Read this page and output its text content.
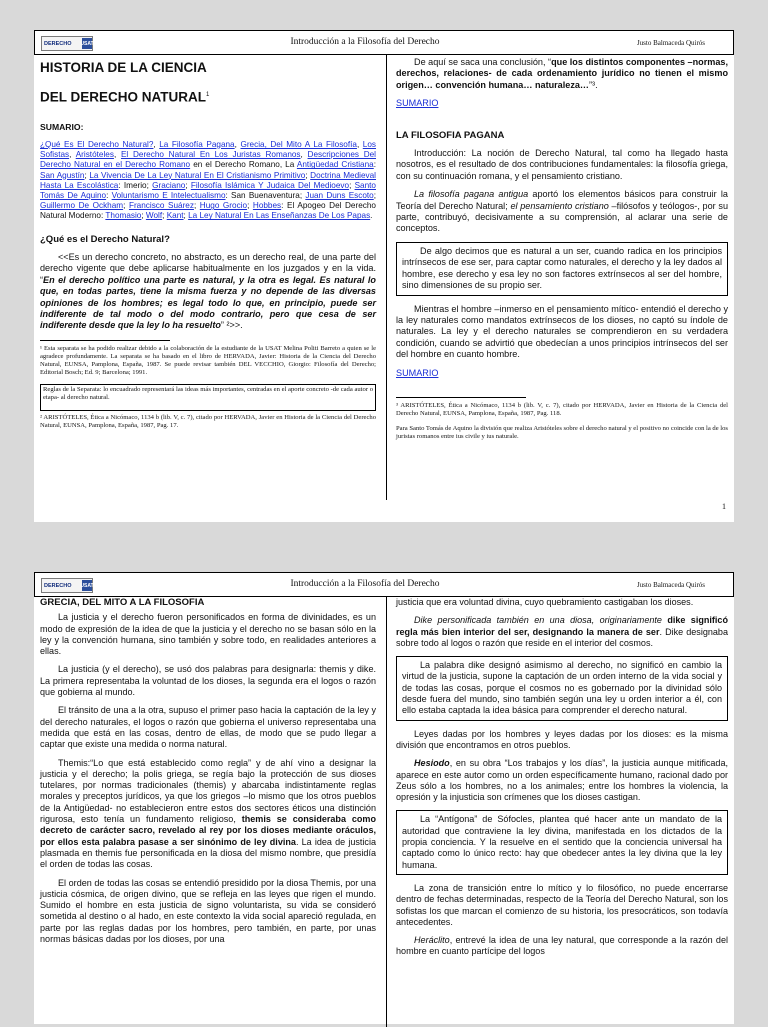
DERECHO	USAT	Introducción a la Filosofía del Derecho	Justo Balmaceda Quirós

HISTORIA DE LA CIENCIA

DEL DERECHO NATURAL$^1$

SUMARIO:

¿Qué Es El Derecho Natural?, La Filosofía Pagana, Grecia, Del Mito A La Filosofía, Los Sofistas, Aristóteles, El Derecho Natural En Los Juristas Romanos, Descripciones Del Derecho Natural en el Derecho Romano en el Derecho Romano, La Antigüedad Cristiana: San Agustín; La Vivencia De La Ley Natural En El Cristianismo Primitivo; Doctrina Medieval Hasta La Escolástica: Imerio; Graciano; Filosofía Islámica Y Judaica Del Medioevo; Santo Tomás De Aquino: Voluntarismo E Intelectualismo: San Buenaventura; Juan Duns Escoto; Guillermo De Ockham; Francisco Suárez; Hugo Grocio; Hobbes: El Apogeo Del Derecho Natural Moderno: Thomasio; Wolf; Kant; La Ley Natural En Las Enseñanzas De Los Papas.

¿Qué es el Derecho Natural?

<<Es un derecho concreto, no abstracto, es un derecho real, de una parte del derecho vigente que debe aplicarse habitualmente en los juzgados y en la vida. “En el derecho político una parte es natural, y la otra es legal. Es natural lo que, en todas partes, tiene la misma fuerza y no depende de las diversas opiniones de los hombres; es legal todo lo que, en principio, puede ser indiferente de tal modo o del modo contrario, pero que cesa de ser indiferente desde que la ley lo ha resuelto” ²>>.

¹ Esta separata se ha podido realizar debido a la colaboración de la estudiante de la USAT Melina Politi Barreto a quien se le agradece profundamente. La separata se ha basado en el libro de HERVADA, Javier: Historia de la Ciencia del Derecho Natural, EUNSA, Pamplona, España, 1987. Se puede revisar también DEL VECCHIO, Giorgio: Filosofía del Derecho; Editorial Bosch; Ed. 9; Barcelona; 1991.

Reglas de la Separata: lo encuadrado representará las ideas más importantes, centradas en el aporte concreto -de cada autor o etapa- al derecho natural.

² ARISTÓTELES, Ética a Nicómaco, 1134 b (lib. V, c. 7), citado por HERVADA, Javier en Historia de la Ciencia del Derecho Natural, EUNSA, Pamplona, España, 1987, Pag. 17.

De aquí se saca una conclusión, “que los distintos componentes –normas, derechos, relaciones- de cada ordenamiento jurídico no tienen el mismo origen… convención humana… naturaleza…”³.

SUMARIO

LA FILOSOFIA PAGANA

Introducción: La noción de Derecho Natural, tal como ha llegado hasta nosotros, es el resultado de dos contribuciones fundamentales: la filosofía griega, con su continuación romana, y el pensamiento cristiano.

La filosofía pagana antigua aportó los elementos básicos para construir la Teoría del Derecho Natural; el pensamiento cristiano –filósofos y teólogos-, por su parte, contribuyó, decisivamente a su comprensión, al aclarar una serie de conceptos.

De algo decimos que es natural a un ser, cuando radica en los principios intrínsecos de ese ser, para captar como naturales, el derecho y la ley dados al hombre, ese derecho y esa ley no son factores extrínsecos al ser del hombre, sino dimensiones de su propio ser.

Mientras el hombre –inmerso en el pensamiento mítico- entendió el derecho y la ley naturales como mandatos extrínsecos de los dioses, no captó su índole de naturales. La ley y el derecho naturales se comprendieron en su verdadera condición, cuando se advirtió que obedecían a unos principios intrínsecos del ser del hombre en cuanto hombre.

SUMARIO

³ ARISTÓTELES, Ética a Nicómaco, 1134 b (lib. V, c. 7), citado por HERVADA, Javier en Historia de la Ciencia del Derecho Natural, EUNSA, Pamplona, España, 1987, Pag. 118.

Para Santo Tomás de Aquino la división que realiza Aristóteles sobre el derecho natural y el positivo no coincide con la de los juristas romanos entre ius civile y ius naturale.

1
DERECHO	USAT	Introducción a la Filosofía del Derecho	Justo Balmaceda Quirós

GRECIA, DEL MITO A LA FILOSOFIA

La justicia y el derecho fueron personificados en forma de divinidades, es un modo de expresión de la idea de que la justicia y el derecho no se basan sólo en la ley y la convención humana, sino también y sobre todo, en realidades anteriores a ellas.

La justicia (y el derecho), se usó dos palabras para designarla: themis y dike. La primera representaba la voluntad de los dioses, la segunda era el logos o razón que gobierna al mundo.

El tránsito de una a la otra, supuso el primer paso hacia la captación de la ley y del derecho naturales, el logos o razón que gobierna el universo representaba una medida que está en las cosas, dentro de ellas, de modo que se pudo llegar a captar que existe una medida o norma natural.

Themis:“Lo que está establecido como regla” y de ahí vino a designar la justicia y el derecho; la polis griega, se regía bajo la protección de sus dioses tutelares, por normas tradicionales (themis) y abarcaba indistintamente reglas morales y preceptos jurídicos, ya que los griegos –lo mismo que los otros pueblos de la Antigüedad- no establecieron entre estos dos sectores éticos una distinción rigurosa, esto tenía un fundamento religioso, themis se consideraba como decreto de carácter sacro, revelado al rey por los dioses mediante oráculos, por ellos esta palabra pasase a ser sinónimo de ley divina. La idea de justicia plasmada en themis fue personificada en la diosa del mismo nombre, que presidía el orden de todas las cosas.

El orden de todas las cosas se entendió presidido por la diosa Themis, por una justicia cósmica, de origen divino, que se refleja en las leyes que rigen el mundo. Sumido el hombre en esta justicia de signo voluntarista, su vida se consideró sometida al destino o al hado, en este contexto la vida social apareció regulada, en parte por las reglas dadas por los hombres, pero también, en parte, por unas normas básicas dadas por los dioses, por una

justicia que era voluntad divina, cuyo quebramiento castigaban los dioses.

Dike personificada también en una diosa, originariamente dike significó regla más bien interior del ser, designando la manera de ser. Dike designaba sobre todo al logos o razón que reside en el interior del cosmos.

La palabra dike designó asimismo al derecho, no significó en cambio la virtud de la justicia, supone la captación de un orden interno de la vida social y de todas las cosas, porque el cosmos no es gobernado por la divinidad sólo desde fuera del mundo, sino también según una ley u orden interior a él, con ello estaba captada la idea básica para comprender el derecho natural.

Leyes dadas por los hombres y leyes dadas por los dioses: es la misma división que encontramos en otros pueblos.

Hesiodo, en su obra “Los trabajos y los días”, la justicia aunque mitificada, aparece en este autor como un orden específicamente humano, racional dado por Zeus sólo a los hombres, no a los animales; entre los hombres la violencia, la opresión y la injusticia son crímenes que los dioses castigan.

La “Antígona” de Sófocles, plantea qué hacer ante un mandato de la autoridad que contraviene la ley divina, manifestada en los dictados de la propia conciencia. Y la resuelve en el sentido que la conciencia universal ha captado como lo único recto: hay que obedecer antes la ley divina que la ley humana.

La zona de transición entre lo mítico y lo filosófico, no puede encerrarse dentro de fechas determinadas, respecto de la Teoría del Derecho Natural, son los sofistas los que marcan el comienzo de su historia, los presocráticos, son todavía antecedentes.

Heráclito, entrevé la idea de una ley natural, que corresponde a la razón del hombre en cuanto partícipe del logos
